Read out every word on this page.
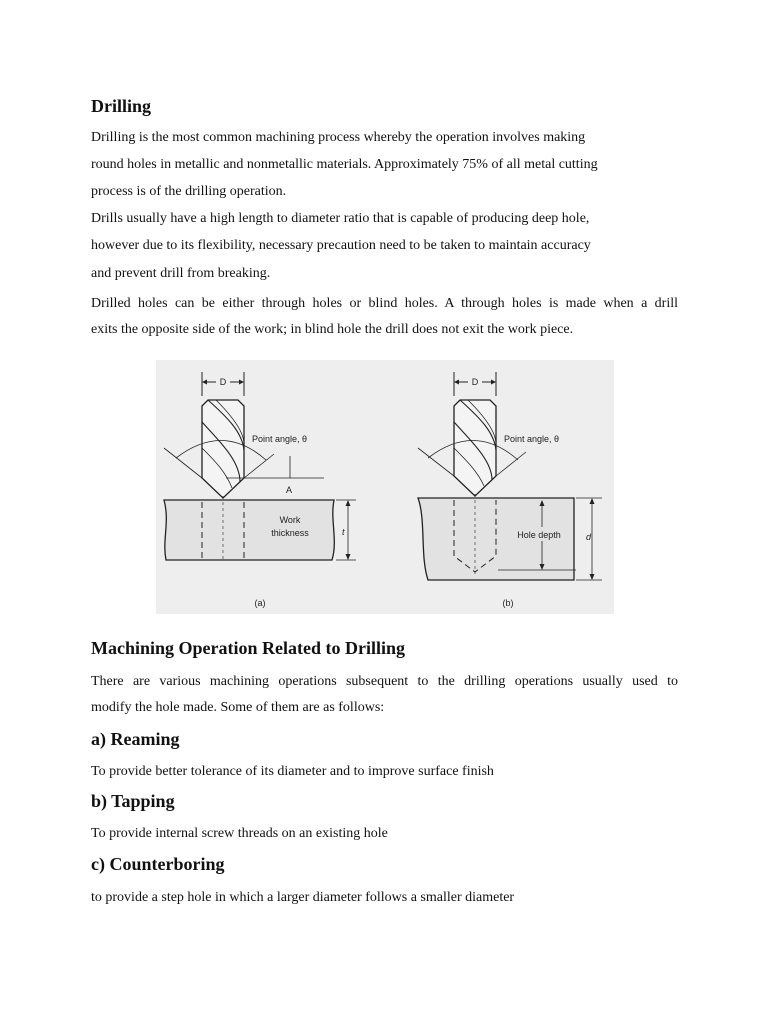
Drilling

Drilling is the most common machining process whereby the operation involves making

round holes in metallic and nonmetallic materials. Approximately 75% of all metal cutting

process is of the drilling operation.

Drills usually have a high length to diameter ratio that is capable of producing deep hole,

however due to its flexibility, necessary precaution need to be taken to maintain accuracy

and prevent drill from breaking.

Drilled holes can be either through holes or blind holes. A through holes is made when a drill

exits the opposite side of the work; in blind hole the drill does not exit the work piece.

D
Point angle, θ
A
Work
thickness	t
(a)
D
Point angle, θ
Hole depth	d
(b)
Machining Operation Related to Drilling

There are various machining operations subsequent to the drilling operations usually used to

modify the hole made. Some of them are as follows:

a) Reaming

To provide better tolerance of its diameter and to improve surface finish

b) Tapping

To provide internal screw threads on an existing hole

c) Counterboring

to provide a step hole in which a larger diameter follows a smaller diameter
